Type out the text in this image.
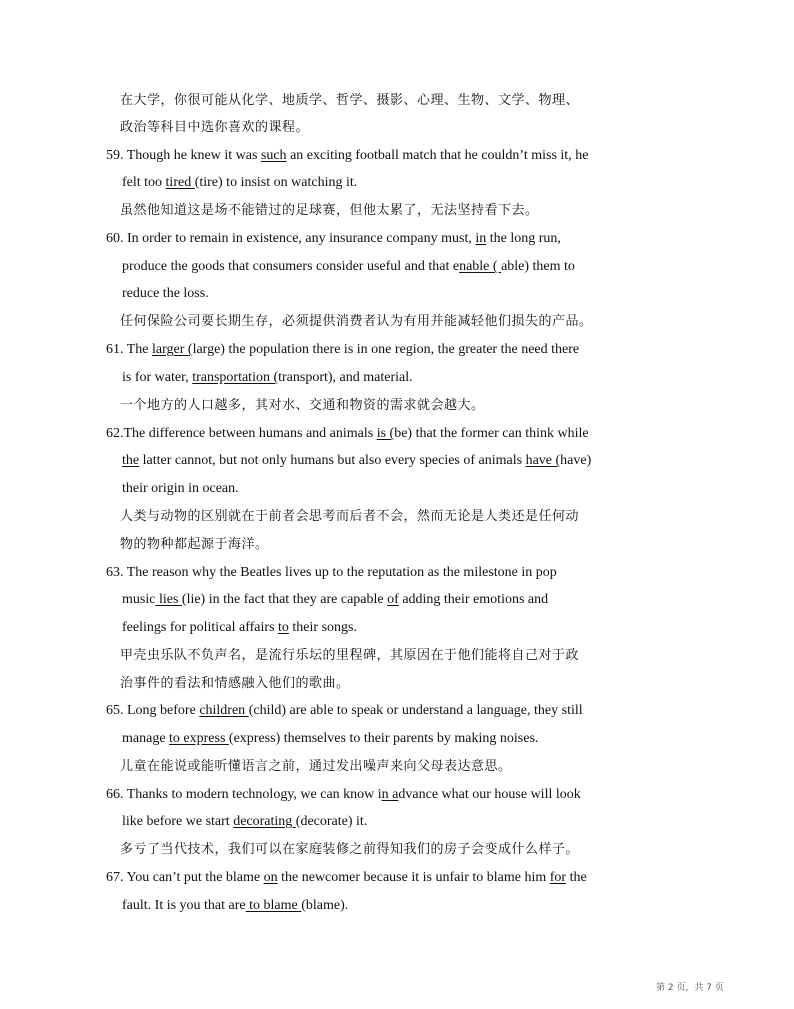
在大学，你很可能从化学、地质学、哲学、摄影、心理、生物、文学、物理、
政治等科目中选你喜欢的课程。
59. Though he knew it was such an exciting football match that he couldn’t miss it, he
felt too tired (tire) to insist on watching it.
虽然他知道这是场不能错过的足球赛，但他太累了，无法坚持看下去。
60. In order to remain in existence, any insurance company must, in the long run,
produce the goods that consumers consider useful and that enable ( able) them to
reduce the loss.
任何保险公司要长期生存，必须提供消费者认为有用并能减轻他们损失的产品。
61. The larger (large) the population there is in one region, the greater the need there
is for water, transportation (transport), and material.
一个地方的人口越多，其对水、交通和物资的需求就会越大。
62.The difference between humans and animals is (be) that the former can think while
the latter cannot, but not only humans but also every species of animals have (have)
their origin in ocean.
人类与动物的区别就在于前者会思考而后者不会，然而无论是人类还是任何动
物的物种都起源于海洋。
63. The reason why the Beatles lives up to the reputation as the milestone in pop
music lies (lie) in the fact that they are capable of adding their emotions and
feelings for political affairs to their songs.
甲壳虫乐队不负声名，是流行乐坛的里程碑，其原因在于他们能将自己对于政
治事件的看法和情感融入他们的歌曲。
65. Long before children (child) are able to speak or understand a language, they still
manage to express (express) themselves to their parents by making noises.
儿童在能说或能听懂语言之前，通过发出噪声来向父母表达意思。
66. Thanks to modern technology, we can know in advance what our house will look
like before we start decorating (decorate) it.
多亏了当代技术，我们可以在家庭装修之前得知我们的房子会变成什么样子。
67. You can’t put the blame on the newcomer because it is unfair to blame him for the
fault. It is you that are to blame (blame).
第 2 页，共 7 页
